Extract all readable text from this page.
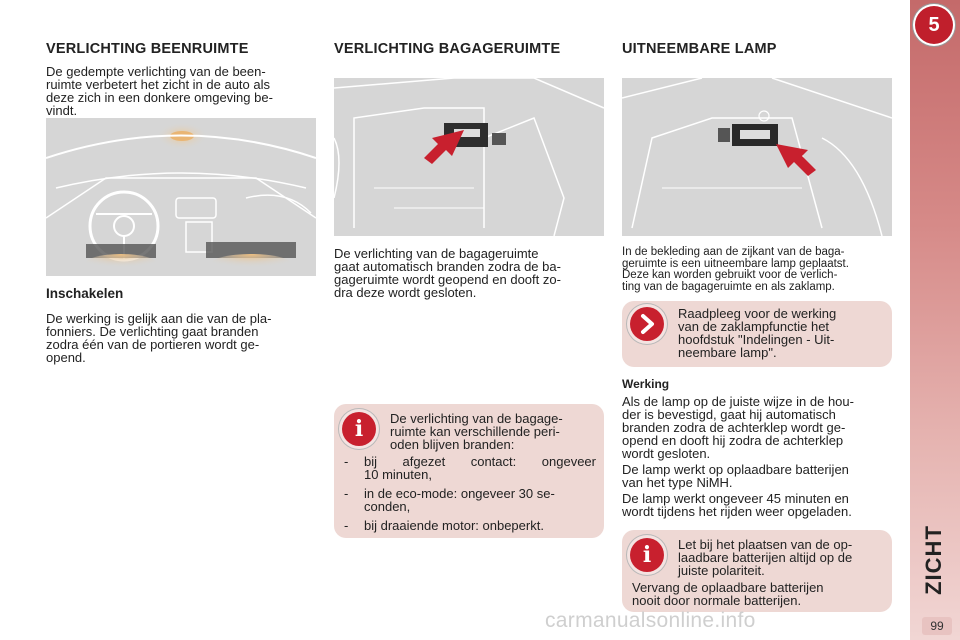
VERLICHTING BEENRUIMTE
De gedempte verlichting van de been-
ruimte verbetert het zicht in de auto als
deze zich in een donkere omgeving be-
vindt.
Inschakelen
De werking is gelijk aan die van de pla-
fonniers. De verlichting gaat branden
zodra één van de portieren wordt ge-
opend.
VERLICHTING BAGAGERUIMTE
De verlichting van de bagageruimte
gaat automatisch branden zodra de ba-
gageruimte wordt geopend en dooft zo-
dra deze wordt gesloten.
i	De verlichting van de bagage-
ruimte kan verschillende peri-
oden blijven branden:
- bij afgezet contact: ongeveer
10 minuten,
- in de eco-mode: ongeveer 30 se-
conden,
- bij draaiende motor: onbeperkt.
UITNEEMBARE LAMP
In de bekleding aan de zijkant van de baga-
geruimte is een uitneembare lamp geplaatst.
Deze kan worden gebruikt voor de verlich-
ting van de bagageruimte en als zaklamp.
Raadpleeg voor de werking
van de zaklampfunctie het
hoofdstuk "Indelingen - Uit-
neembare lamp".
Werking
Als de lamp op de juiste wijze in de hou-
der is bevestigd, gaat hij automatisch
branden zodra de achterklep wordt ge-
opend en dooft hij zodra de achterklep
wordt gesloten.
De lamp werkt op oplaadbare batterijen
van het type NiMH.
De lamp werkt ongeveer 45 minuten en
wordt tijdens het rijden weer opgeladen.
i	Let bij het plaatsen van de op-
laadbare batterijen altijd op de
juiste polariteit.
Vervang de oplaadbare batterijen
nooit door normale batterijen.
5
ZICHT
99
carmanualsonline.info
